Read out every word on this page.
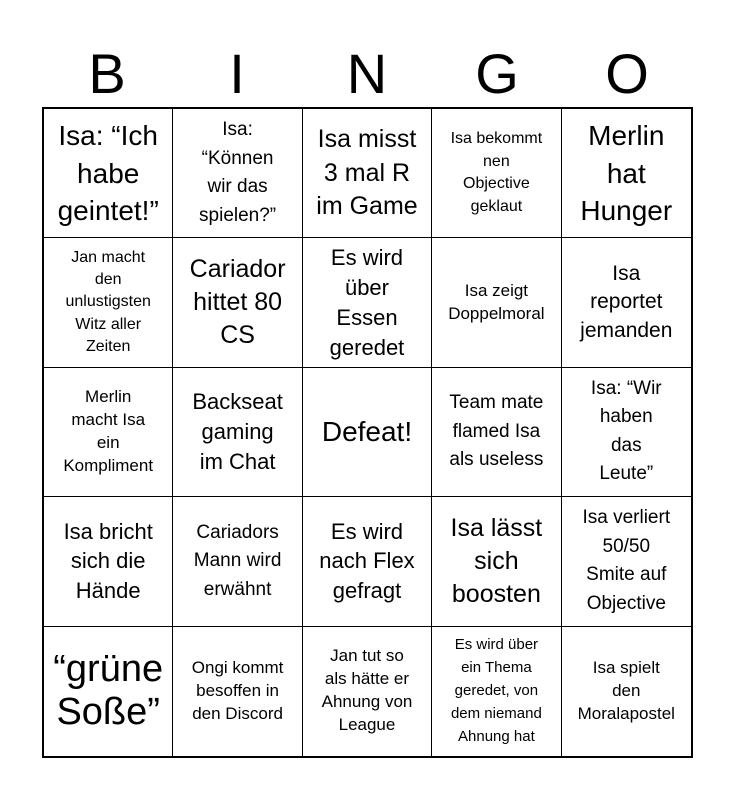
B	I	N	G	O
Isa: “Ich
habe
geintet!”
Isa:
“Können
wir das
spielen?”
Isa misst
3 mal R
im Game
Isa bekommt
nen
Objective
geklaut
Merlin
hat
Hunger
Jan macht
den
unlustigsten
Witz aller
Zeiten
Cariador
hittet 80
CS
Es wird
über
Essen
geredet
Isa zeigt
Doppelmoral
Isa
reportet
jemanden
Merlin
macht Isa
ein
Kompliment
Backseat
gaming
im Chat
Defeat!
Team mate
flamed Isa
als useless
Isa: “Wir
haben
das
Leute”
Isa bricht
sich die
Hände
Cariadors
Mann wird
erwähnt
Es wird
nach Flex
gefragt
Isa lässt
sich
boosten
Isa verliert
50/50
Smite auf
Objective
“grüne
Soße”
Ongi kommt
besoffen in
den Discord
Jan tut so
als hätte er
Ahnung von
League
Es wird über
ein Thema
geredet, von
dem niemand
Ahnung hat
Isa spielt
den
Moralapostel
